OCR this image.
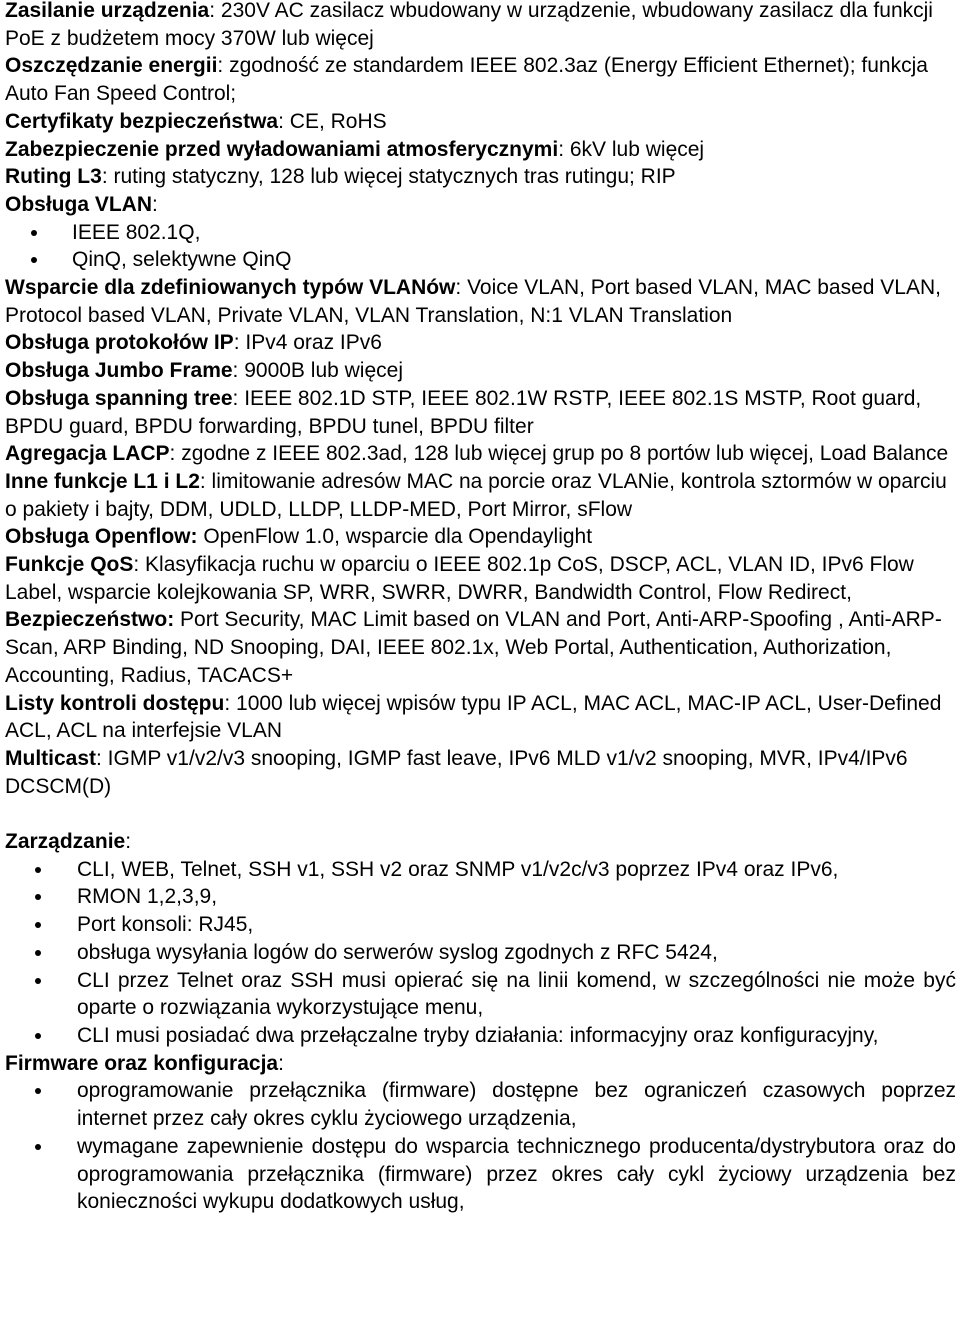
Zasilanie urządzenia: 230V AC zasilacz wbudowany w urządzenie, wbudowany zasilacz dla funkcji PoE z budżetem mocy 370W lub więcej

Oszczędzanie energii: zgodność ze standardem IEEE 802.3az (Energy Efficient Ethernet); funkcja Auto Fan Speed Control;

Certyfikaty bezpieczeństwa: CE, RoHS

Zabezpieczenie przed wyładowaniami atmosferycznymi: 6kV lub więcej

Ruting L3: ruting statyczny, 128 lub więcej statycznych tras rutingu; RIP

Obsługa VLAN:

IEEE 802.1Q,
QinQ, selektywne QinQ

Wsparcie dla zdefiniowanych typów VLANów: Voice VLAN, Port based VLAN, MAC based VLAN, Protocol based VLAN, Private VLAN, VLAN Translation, N:1 VLAN Translation

Obsługa protokołów IP: IPv4 oraz IPv6

Obsługa Jumbo Frame: 9000B lub więcej

Obsługa spanning tree: IEEE 802.1D STP, IEEE 802.1W RSTP, IEEE 802.1S MSTP, Root guard, BPDU guard, BPDU forwarding, BPDU tunel, BPDU filter

Agregacja LACP: zgodne z IEEE 802.3ad, 128 lub więcej grup po 8 portów lub więcej, Load Balance

Inne funkcje L1 i L2: limitowanie adresów MAC na porcie oraz VLANie, kontrola sztormów w oparciu o pakiety i bajty, DDM, UDLD, LLDP, LLDP-MED, Port Mirror, sFlow

Obsługa Openflow: OpenFlow 1.0, wsparcie dla Opendaylight

Funkcje QoS: Klasyfikacja ruchu w oparciu o IEEE 802.1p CoS, DSCP, ACL, VLAN ID, IPv6 Flow Label, wsparcie kolejkowania SP, WRR, SWRR, DWRR, Bandwidth Control, Flow Redirect,

Bezpieczeństwo: Port Security, MAC Limit based on VLAN and Port, Anti-ARP-Spoofing , Anti-ARP-Scan, ARP Binding, ND Snooping, DAI, IEEE 802.1x, Web Portal, Authentication, Authorization, Accounting, Radius, TACACS+

Listy kontroli dostępu: 1000 lub więcej wpisów typu IP ACL, MAC ACL, MAC-IP ACL, User-Defined ACL, ACL na interfejsie VLAN

Multicast: IGMP v1/v2/v3 snooping, IGMP fast leave, IPv6 MLD v1/v2 snooping, MVR, IPv4/IPv6 DCSCM(D)

Zarządzanie:

CLI, WEB, Telnet, SSH v1, SSH v2 oraz SNMP v1/v2c/v3 poprzez IPv4 oraz IPv6,
RMON 1,2,3,9,
Port konsoli: RJ45,
obsługa wysyłania logów do serwerów syslog zgodnych z RFC 5424,
CLI przez Telnet oraz SSH musi opierać się na linii komend, w szczególności nie może być oparte o rozwiązania wykorzystujące menu,
CLI musi posiadać dwa przełączalne tryby działania: informacyjny oraz konfiguracyjny,

Firmware oraz konfiguracja:

oprogramowanie przełącznika (firmware) dostępne bez ograniczeń czasowych poprzez internet przez cały okres cyklu życiowego urządzenia,
wymagane zapewnienie dostępu do wsparcia technicznego producenta/dystrybutora oraz do oprogramowania przełącznika (firmware) przez okres cały cykl życiowy urządzenia bez konieczności wykupu dodatkowych usług,
